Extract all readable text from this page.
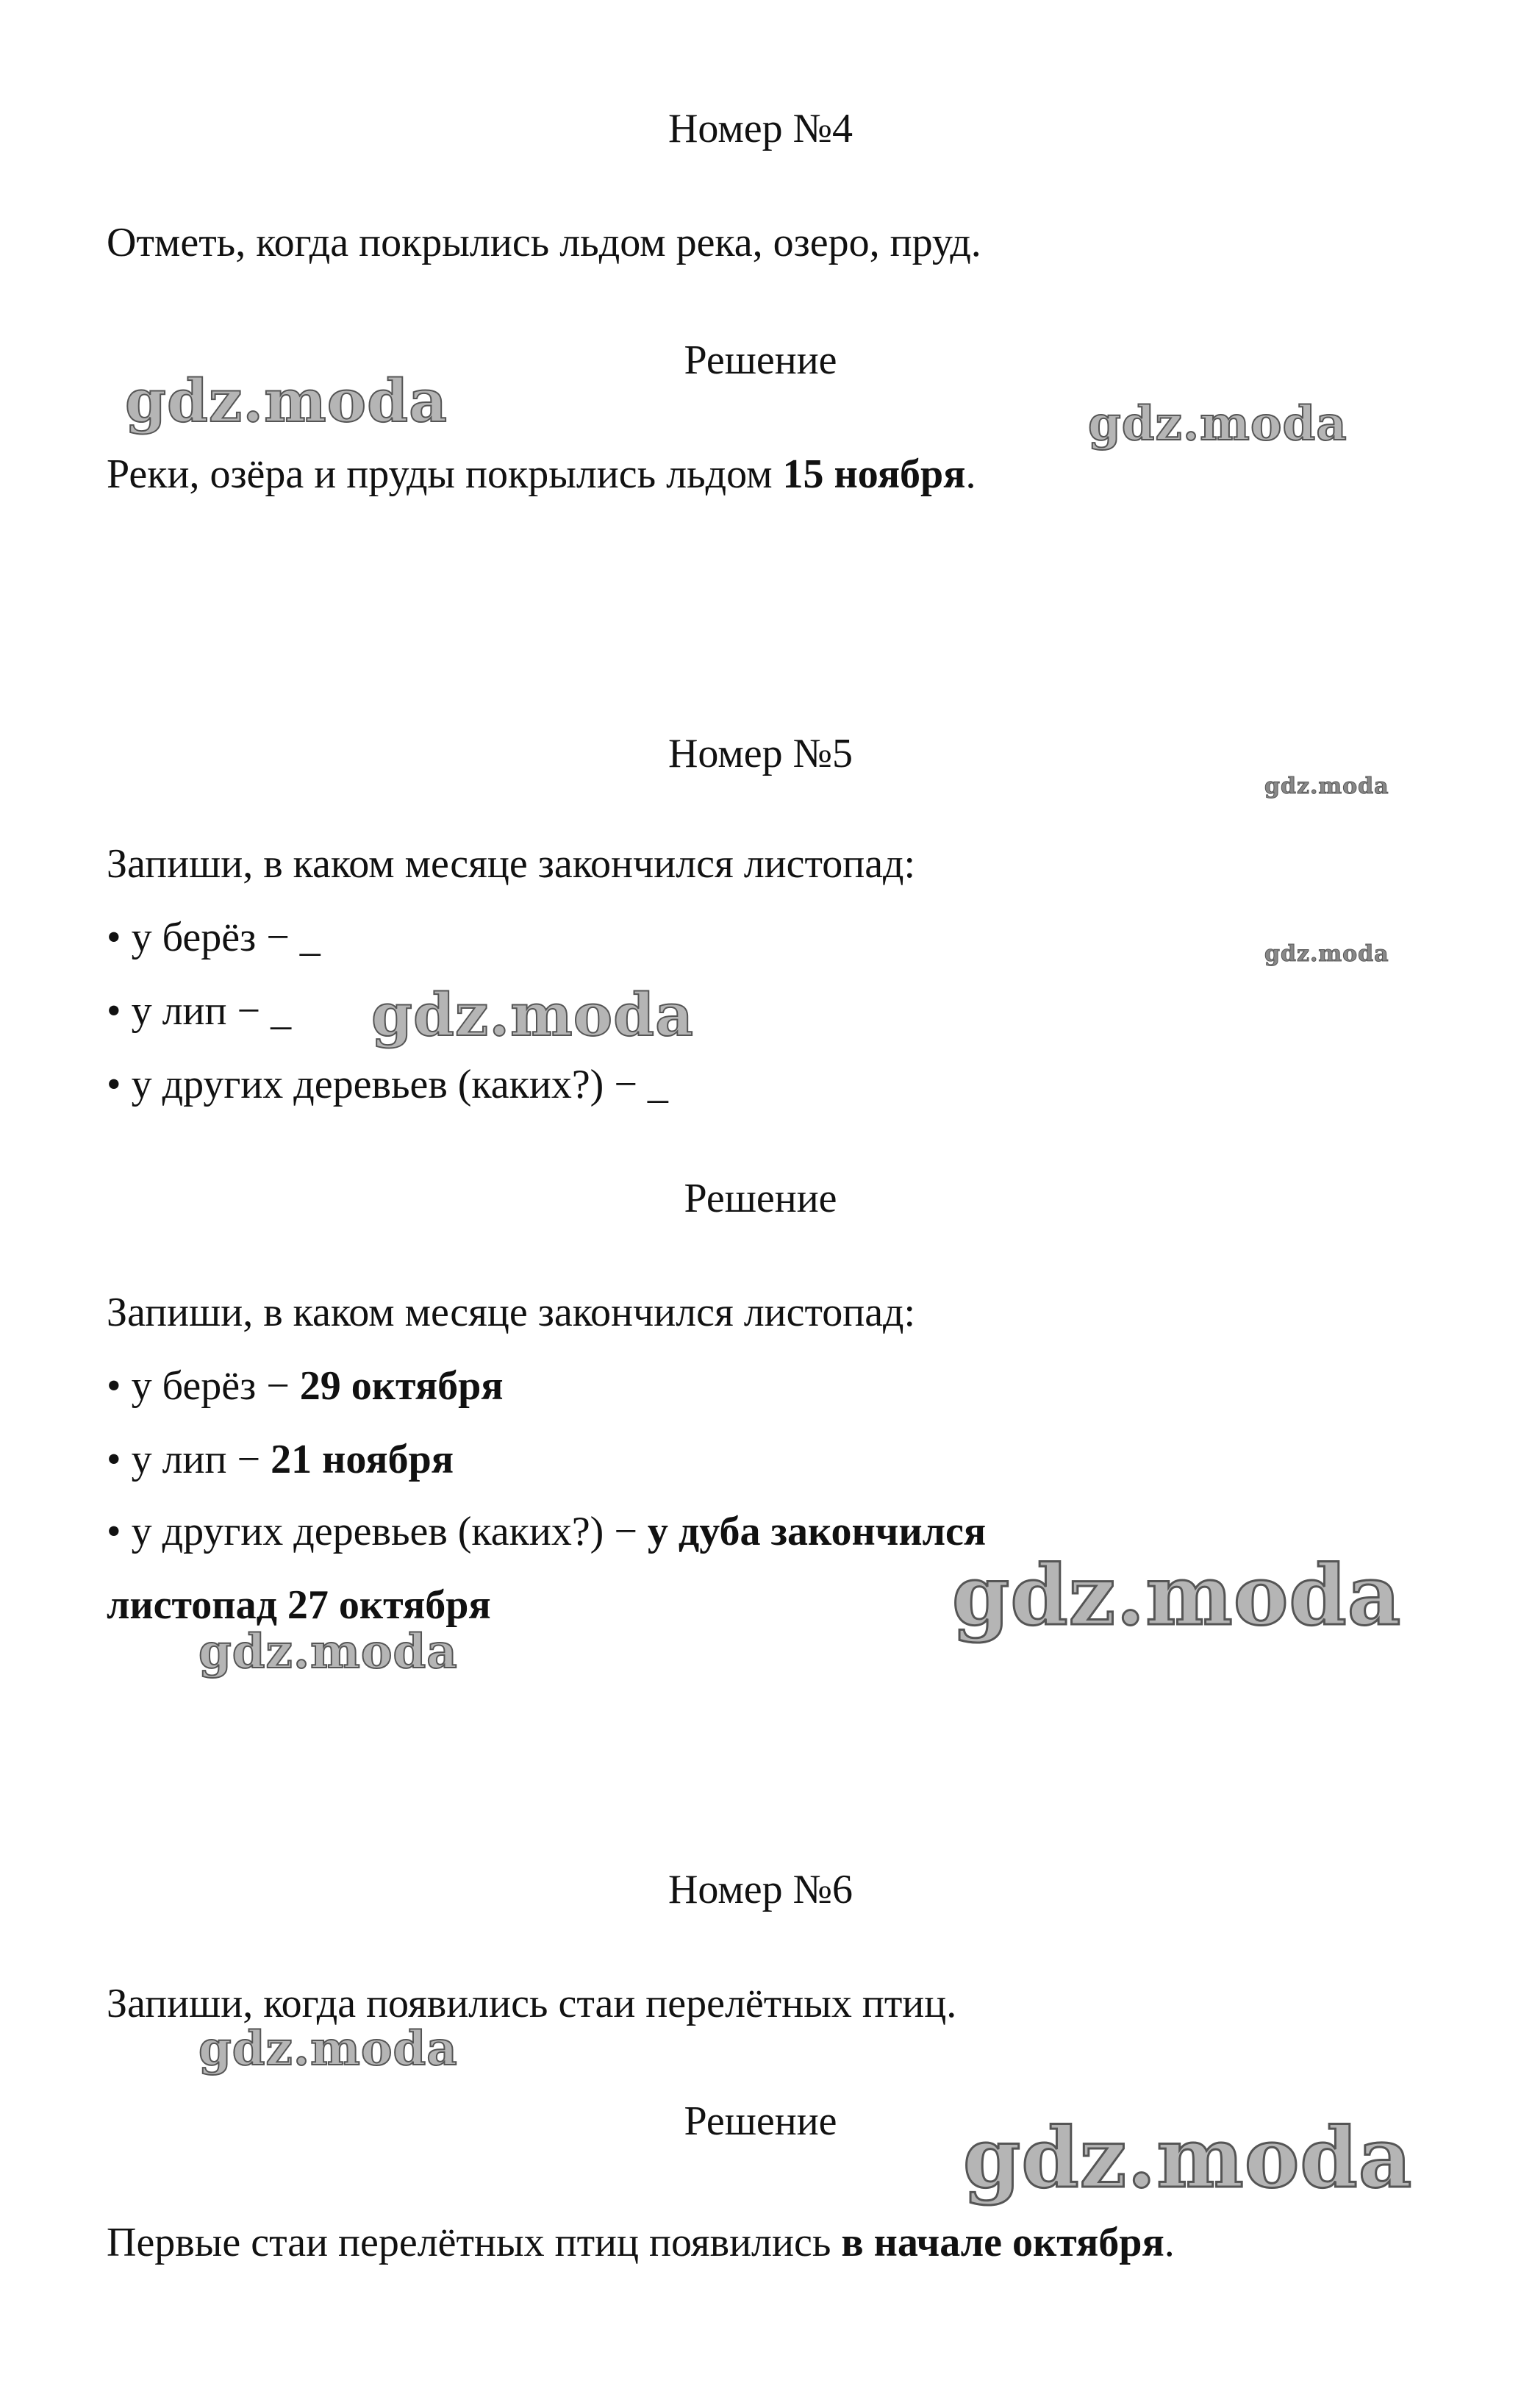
Номер №4
Отметь, когда покрылись льдом река, озеро, пруд.
Решение
Реки, озёра и пруды покрылись льдом 15 ноября.
Номер №5
Запиши, в каком месяце закончился листопад:
• у берёз − _
• у лип − _
• у других деревьев (каких?) − _
Решение
Запиши, в каком месяце закончился листопад:
• у берёз − 29 октября
• у лип − 21 ноября
• у других деревьев (каких?) − у дуба закончился
листопад 27 октября
Номер №6
Запиши, когда появились стаи перелётных птиц.
Решение
Первые стаи перелётных птиц появились в начале октября.
gdz.moda	gdz.moda
gdz.moda
gdz.moda
gdz.moda
gdz.moda
gdz.moda
gdz.moda
gdz.moda
